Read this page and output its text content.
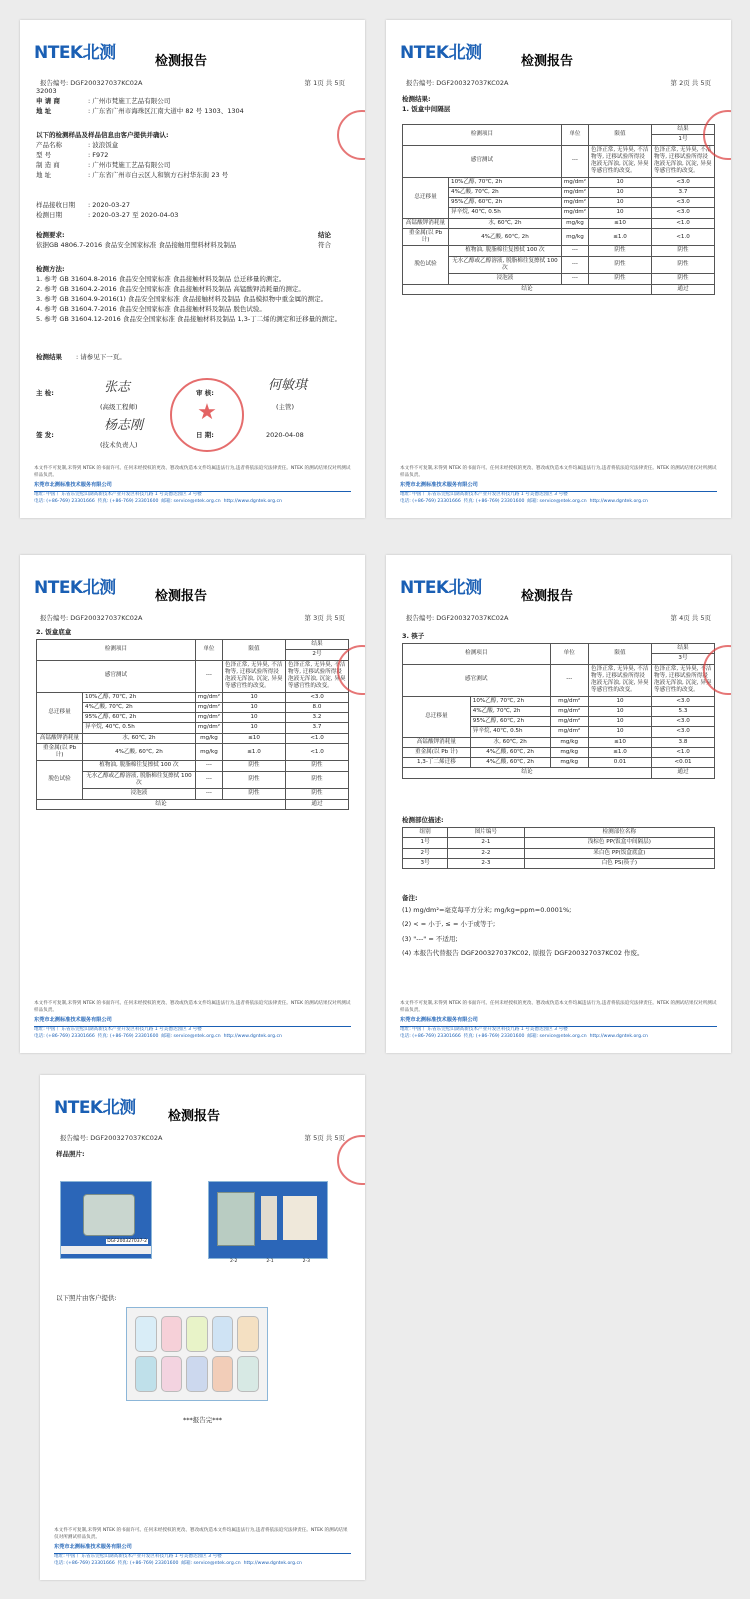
NTEK北测	检测报告
报告编号: DGF200327037KC02A	第 1页 共 5页
32003
申 请 商	: 广州市梵施工艺品有限公司
地 址	: 广东省广州市海珠区江南大道中 82 号 1303、1304
以下的检测样品及样品信息由客户提供并确认:
产品名称	: 波浪饭盒
型 号	: F972
制 造 商	: 广州市梵施工艺品有限公司
地 址	: 广东省广州市白云区人和镇方石村华东街 23 号
样品接收日期	: 2020-03-27
检测日期	: 2020-03-27 至 2020-04-03
检测要求:	结论
依据GB 4806.7-2016 食品安全国家标准 食品接触用塑料材料及制品	符合
检测方法:
1. 参考 GB 31604.8-2016 食品安全国家标准 食品接触材料及制品 总迁移量的测定。
2. 参考 GB 31604.2-2016 食品安全国家标准 食品接触材料及制品 高锰酸钾消耗量的测定。
3. 参考 GB 31604.9-2016(1) 食品安全国家标准 食品接触材料及制品 食品模拟物中重金属的测定。
4. 参考 GB 31604.7-2016 食品安全国家标准 食品接触材料及制品 脱色试验。
5. 参考 GB 31604.12-2016 食品安全国家标准 食品接触材料及制品 1,3-丁二烯的测定和迁移量的测定。
检测结果 : 请参见下一页。
主 检:	张志
(高级工程师)
审 核:	何敏琪
(主管)
签 发:
杨志刚
(技术负责人)
日 期:	2020-04-08
★
本文件不可复制,未得到 NTEK 的书面许可。任何未经授权的更改、篡改或伪造本文件均属违法行为,违者将依法追究法律责任。NTEK 的测试结果仅对所测试样品负责。
东莞市北测标准技术服务有限公司
地址: 中国 广东省东莞松山湖高新技术产业开发区科技九路 1 号美德达园区 3 号楼
电话: (+86-769) 23301666 传真: (+86-769) 23301600 邮箱: service@ntek.org.cn http://www.dgntek.org.cn
NTEK北测	检测报告
报告编号: DGF200327037KC02A	第 2页 共 5页
检测结果:
1. 饭盒中间隔层
检测项目		单位	限值	结果
				1号
感官测试		---	色泽正常, 无异臭, 不洁物等, 迁移试验所得浸泡液无浑浊, 沉淀, 异臭等感官性的改变。	色泽正常, 无异臭, 不洁物等, 迁移试验所得浸泡液无浑浊, 沉淀, 异臭等感官性的改变。
总迁移量	10%乙醇, 70℃, 2h	mg/dm²	10	<3.0
	4%乙酸, 70℃, 2h	mg/dm²	10	3.7
	95%乙醇, 60℃, 2h	mg/dm²	10	<3.0
	异辛烷, 40℃, 0.5h	mg/dm²	10	<3.0
高锰酸钾消耗量	水, 60℃, 2h	mg/kg	≤10	<1.0
重金属(以 Pb 计)	4%乙酸, 60℃, 2h	mg/kg	≤1.0	<1.0
脱色试验	植物油, 脱脂棉往复擦拭 100 次	---	阴性	阴性
	无水乙醇或乙醇溶液, 脱脂棉往复擦拭 100 次	---	阴性	阴性
	浸泡液	---	阴性	阴性
结论				通过
本文件不可复制,未得到 NTEK 的书面许可。任何未经授权的更改、篡改或伪造本文件均属违法行为,违者将依法追究法律责任。NTEK 的测试结果仅对所测试样品负责。
东莞市北测标准技术服务有限公司
地址: 中国 广东省东莞松山湖高新技术产业开发区科技九路 1 号美德达园区 3 号楼
电话: (+86-769) 23301666 传真: (+86-769) 23301600 邮箱: service@ntek.org.cn http://www.dgntek.org.cn
NTEK北测	检测报告
报告编号: DGF200327037KC02A	第 3页 共 5页
2. 饭盒底盒
检测项目		单位	限值	结果
				2号
感官测试		---	色泽正常, 无异臭, 不洁物等, 迁移试验所得浸泡液无浑浊, 沉淀, 异臭等感官性的改变。	色泽正常, 无异臭, 不洁物等, 迁移试验所得浸泡液无浑浊, 沉淀, 异臭等感官性的改变。
总迁移量	10%乙醇, 70℃, 2h	mg/dm²	10	<3.0
	4%乙酸, 70℃, 2h	mg/dm²	10	8.0
	95%乙醇, 60℃, 2h	mg/dm²	10	3.2
	异辛烷, 40℃, 0.5h	mg/dm²	10	3.7
高锰酸钾消耗量	水, 60℃, 2h	mg/kg	≤10	<1.0
重金属(以 Pb 计)	4%乙酸, 60℃, 2h	mg/kg	≤1.0	<1.0
脱色试验	植物油, 脱脂棉往复擦拭 100 次	---	阴性	阴性
	无水乙醇或乙醇溶液, 脱脂棉往复擦拭 100 次	---	阴性	阴性
	浸泡液	---	阴性	阴性
结论				通过
本文件不可复制,未得到 NTEK 的书面许可。任何未经授权的更改、篡改或伪造本文件均属违法行为,违者将依法追究法律责任。NTEK 的测试结果仅对所测试样品负责。
东莞市北测标准技术服务有限公司
地址: 中国 广东省东莞松山湖高新技术产业开发区科技九路 1 号美德达园区 3 号楼
电话: (+86-769) 23301666 传真: (+86-769) 23301600 邮箱: service@ntek.org.cn http://www.dgntek.org.cn
NTEK北测	检测报告
报告编号: DGF200327037KC02A	第 4页 共 5页
3. 筷子
检测项目		单位	限值	结果
				3号
感官测试		---	色泽正常, 无异臭, 不洁物等, 迁移试验所得浸泡液无浑浊, 沉淀, 异臭等感官性的改变。	色泽正常, 无异臭, 不洁物等, 迁移试验所得浸泡液无浑浊, 沉淀, 异臭等感官性的改变。
总迁移量	10%乙醇, 70℃, 2h	mg/dm²	10	<3.0
	4%乙酸, 70℃, 2h	mg/dm²	10	5.3
	95%乙醇, 60℃, 2h	mg/dm²	10	<3.0
	异辛烷, 40℃, 0.5h	mg/dm²	10	<3.0
高锰酸钾消耗量	水, 60℃, 2h	mg/kg	≤10	3.8
重金属(以 Pb 计)	4%乙酸, 60℃, 2h	mg/kg	≤1.0	<1.0
1,3-丁二烯迁移	4%乙酸, 60℃, 2h	mg/kg	0.01	<0.01
结论				通过
检测部位描述:
组别	图片编号	检测部位名称
1号	2-1	浅棕色 PP(饭盒中间隔层)
2号	2-2	米白色 PP(饭盒底盒)
3号	2-3	白色 PS(筷子)
备注:
(1) mg/dm²=毫克每平方分米; mg/kg=ppm=0.0001%;
(2) < = 小于, ≤ = 小于或等于;
(3) "---" = 不适用;
(4) 本报告代替报告 DGF200327037KC02, 原报告 DGF200327037KC02 作废。
本文件不可复制,未得到 NTEK 的书面许可。任何未经授权的更改、篡改或伪造本文件均属违法行为,违者将依法追究法律责任。NTEK 的测试结果仅对所测试样品负责。
东莞市北测标准技术服务有限公司
地址: 中国 广东省东莞松山湖高新技术产业开发区科技九路 1 号美德达园区 3 号楼
电话: (+86-769) 23301666 传真: (+86-769) 23301600 邮箱: service@ntek.org.cn http://www.dgntek.org.cn
NTEK北测 检测报告
报告编号: DGF200327037KC02A	第 5页 共 5页
样品照片:
DGF200327037-2
2-2	2-1	2-3
以下照片由客户提供:
***报告完***
本文件不可复制,未得到 NTEK 的书面许可。任何未经授权的更改、篡改或伪造本文件均属违法行为,违者将依法追究法律责任。NTEK 的测试结果仅对所测试样品负责。
东莞市北测标准技术服务有限公司
地址: 中国 广东省东莞松山湖高新技术产业开发区科技九路 1 号美德达园区 3 号楼
电话: (+86-769) 23301666 传真: (+86-769) 23301600 邮箱: service@ntek.org.cn http://www.dgntek.org.cn
